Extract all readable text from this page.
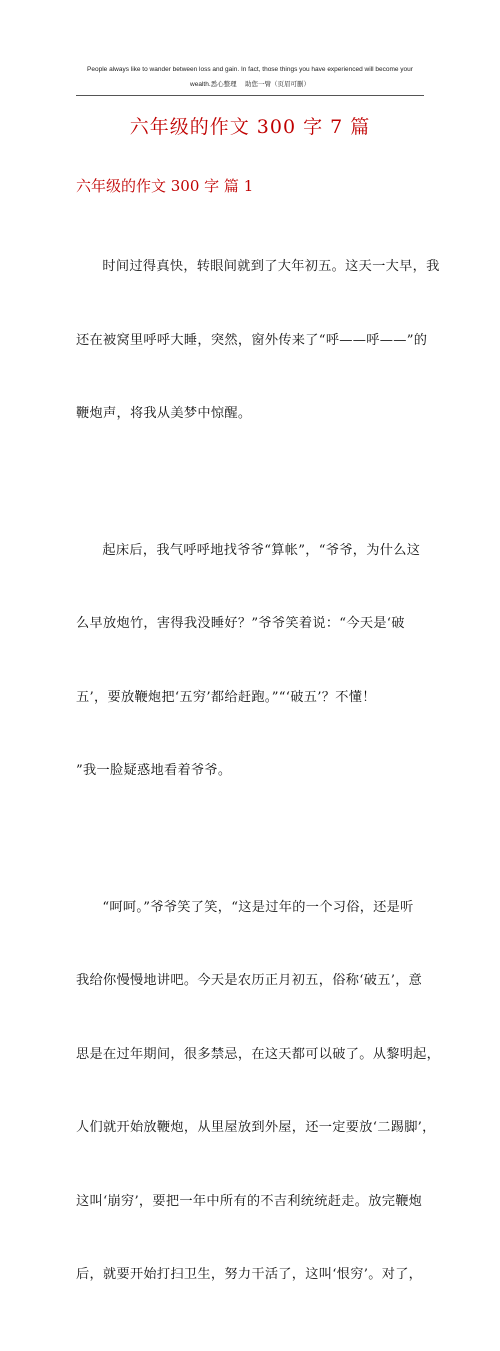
People always like to wander between loss and gain. In fact, those things you have experienced will become your
wealth.悉心整理　 助您一臂（页眉可删）
六年级的作文 300 字 7 篇
六年级的作文 300 字 篇 1

时间过得真快，转眼间就到了大年初五。这天一大早，我

还在被窝里呼呼大睡，突然，窗外传来了“呼——呼——”的

鞭炮声，将我从美梦中惊醒。

起床后，我气呼呼地找爷爷“算帐”，“爷爷，为什么这

么早放炮竹，害得我没睡好？”爷爷笑着说：“今天是‘破

五’，要放鞭炮把‘五穷’都给赶跑。”“‘破五’？不懂！

”我一脸疑惑地看着爷爷。

“呵呵。”爷爷笑了笑，“这是过年的一个习俗，还是听

我给你慢慢地讲吧。今天是农历正月初五，俗称‘破五’，意

思是在过年期间，很多禁忌，在这天都可以破了。从黎明起，

人们就开始放鞭炮，从里屋放到外屋，还一定要放‘二踢脚’，

这叫‘崩穷’，要把一年中所有的不吉利统统赶走。放完鞭炮

后，就要开始打扫卫生，努力干活了，这叫‘恨穷’。对了，
